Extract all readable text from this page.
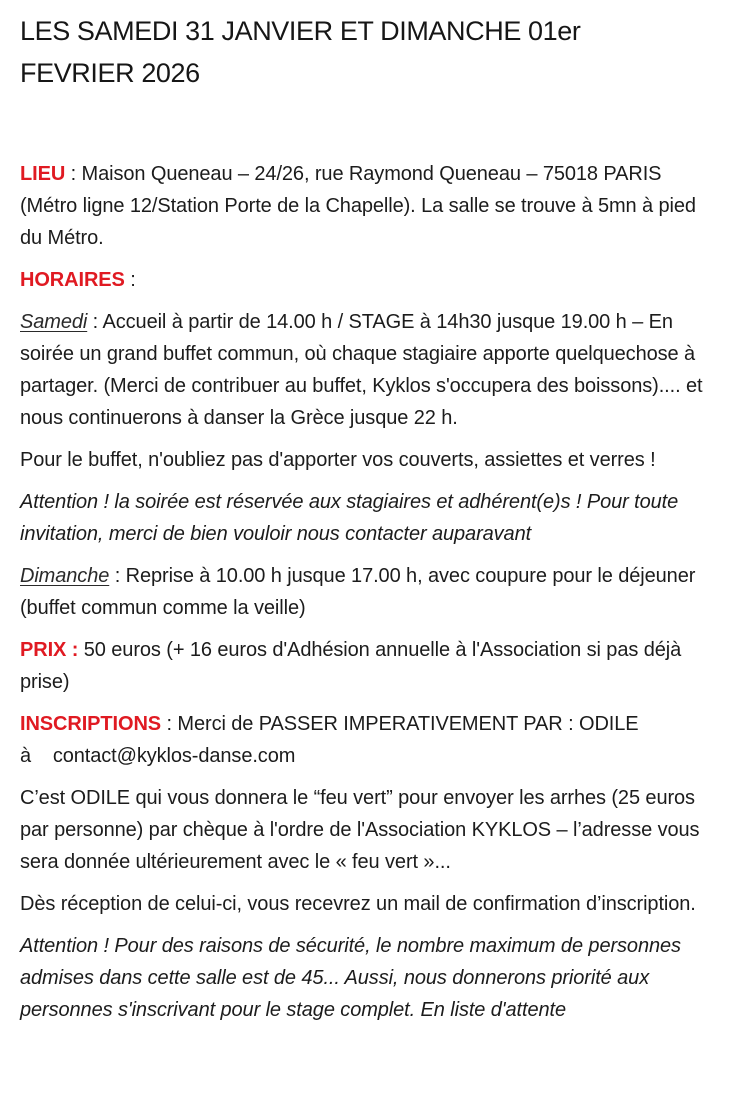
LES SAMEDI 31 JANVIER ET DIMANCHE 01er
FEVRIER 2026

LIEU : Maison Queneau – 24/26, rue Raymond Queneau – 75018 PARIS (Métro ligne 12/Station Porte de la Chapelle). La salle se trouve à 5mn à pied du Métro.

HORAIRES :

Samedi : Accueil à partir de 14.00 h / STAGE à 14h30 jusque 19.00 h – En soirée un grand buffet commun, où chaque stagiaire apporte quelquechose à partager. (Merci de contribuer au buffet, Kyklos s'occupera des boissons).... et nous continuerons à danser la Grèce jusque 22 h.

Pour le buffet, n'oubliez pas d'apporter vos couverts, assiettes et verres !

Attention ! la soirée est réservée aux stagiaires et adhérent(e)s ! Pour toute invitation, merci de bien vouloir nous contacter auparavant

Dimanche : Reprise à 10.00 h jusque 17.00 h, avec coupure pour le déjeuner (buffet commun comme la veille)

PRIX : 50 euros (+ 16 euros d'Adhésion annuelle à l'Association si pas déjà prise)

INSCRIPTIONS : Merci de PASSER IMPERATIVEMENT PAR : ODILE à    contact@kyklos-danse.com

C’est ODILE qui vous donnera le “feu vert” pour envoyer les arrhes (25 euros par personne) par chèque à l'ordre de l'Association KYKLOS – l’adresse vous sera donnée ultérieurement avec le « feu vert »...

Dès réception de celui-ci, vous recevrez un mail de confirmation d’inscription.

Attention ! Pour des raisons de sécurité, le nombre maximum de personnes admises dans cette salle est de 45... Aussi, nous donnerons priorité aux personnes s'inscrivant pour le stage complet. En liste d'attente
